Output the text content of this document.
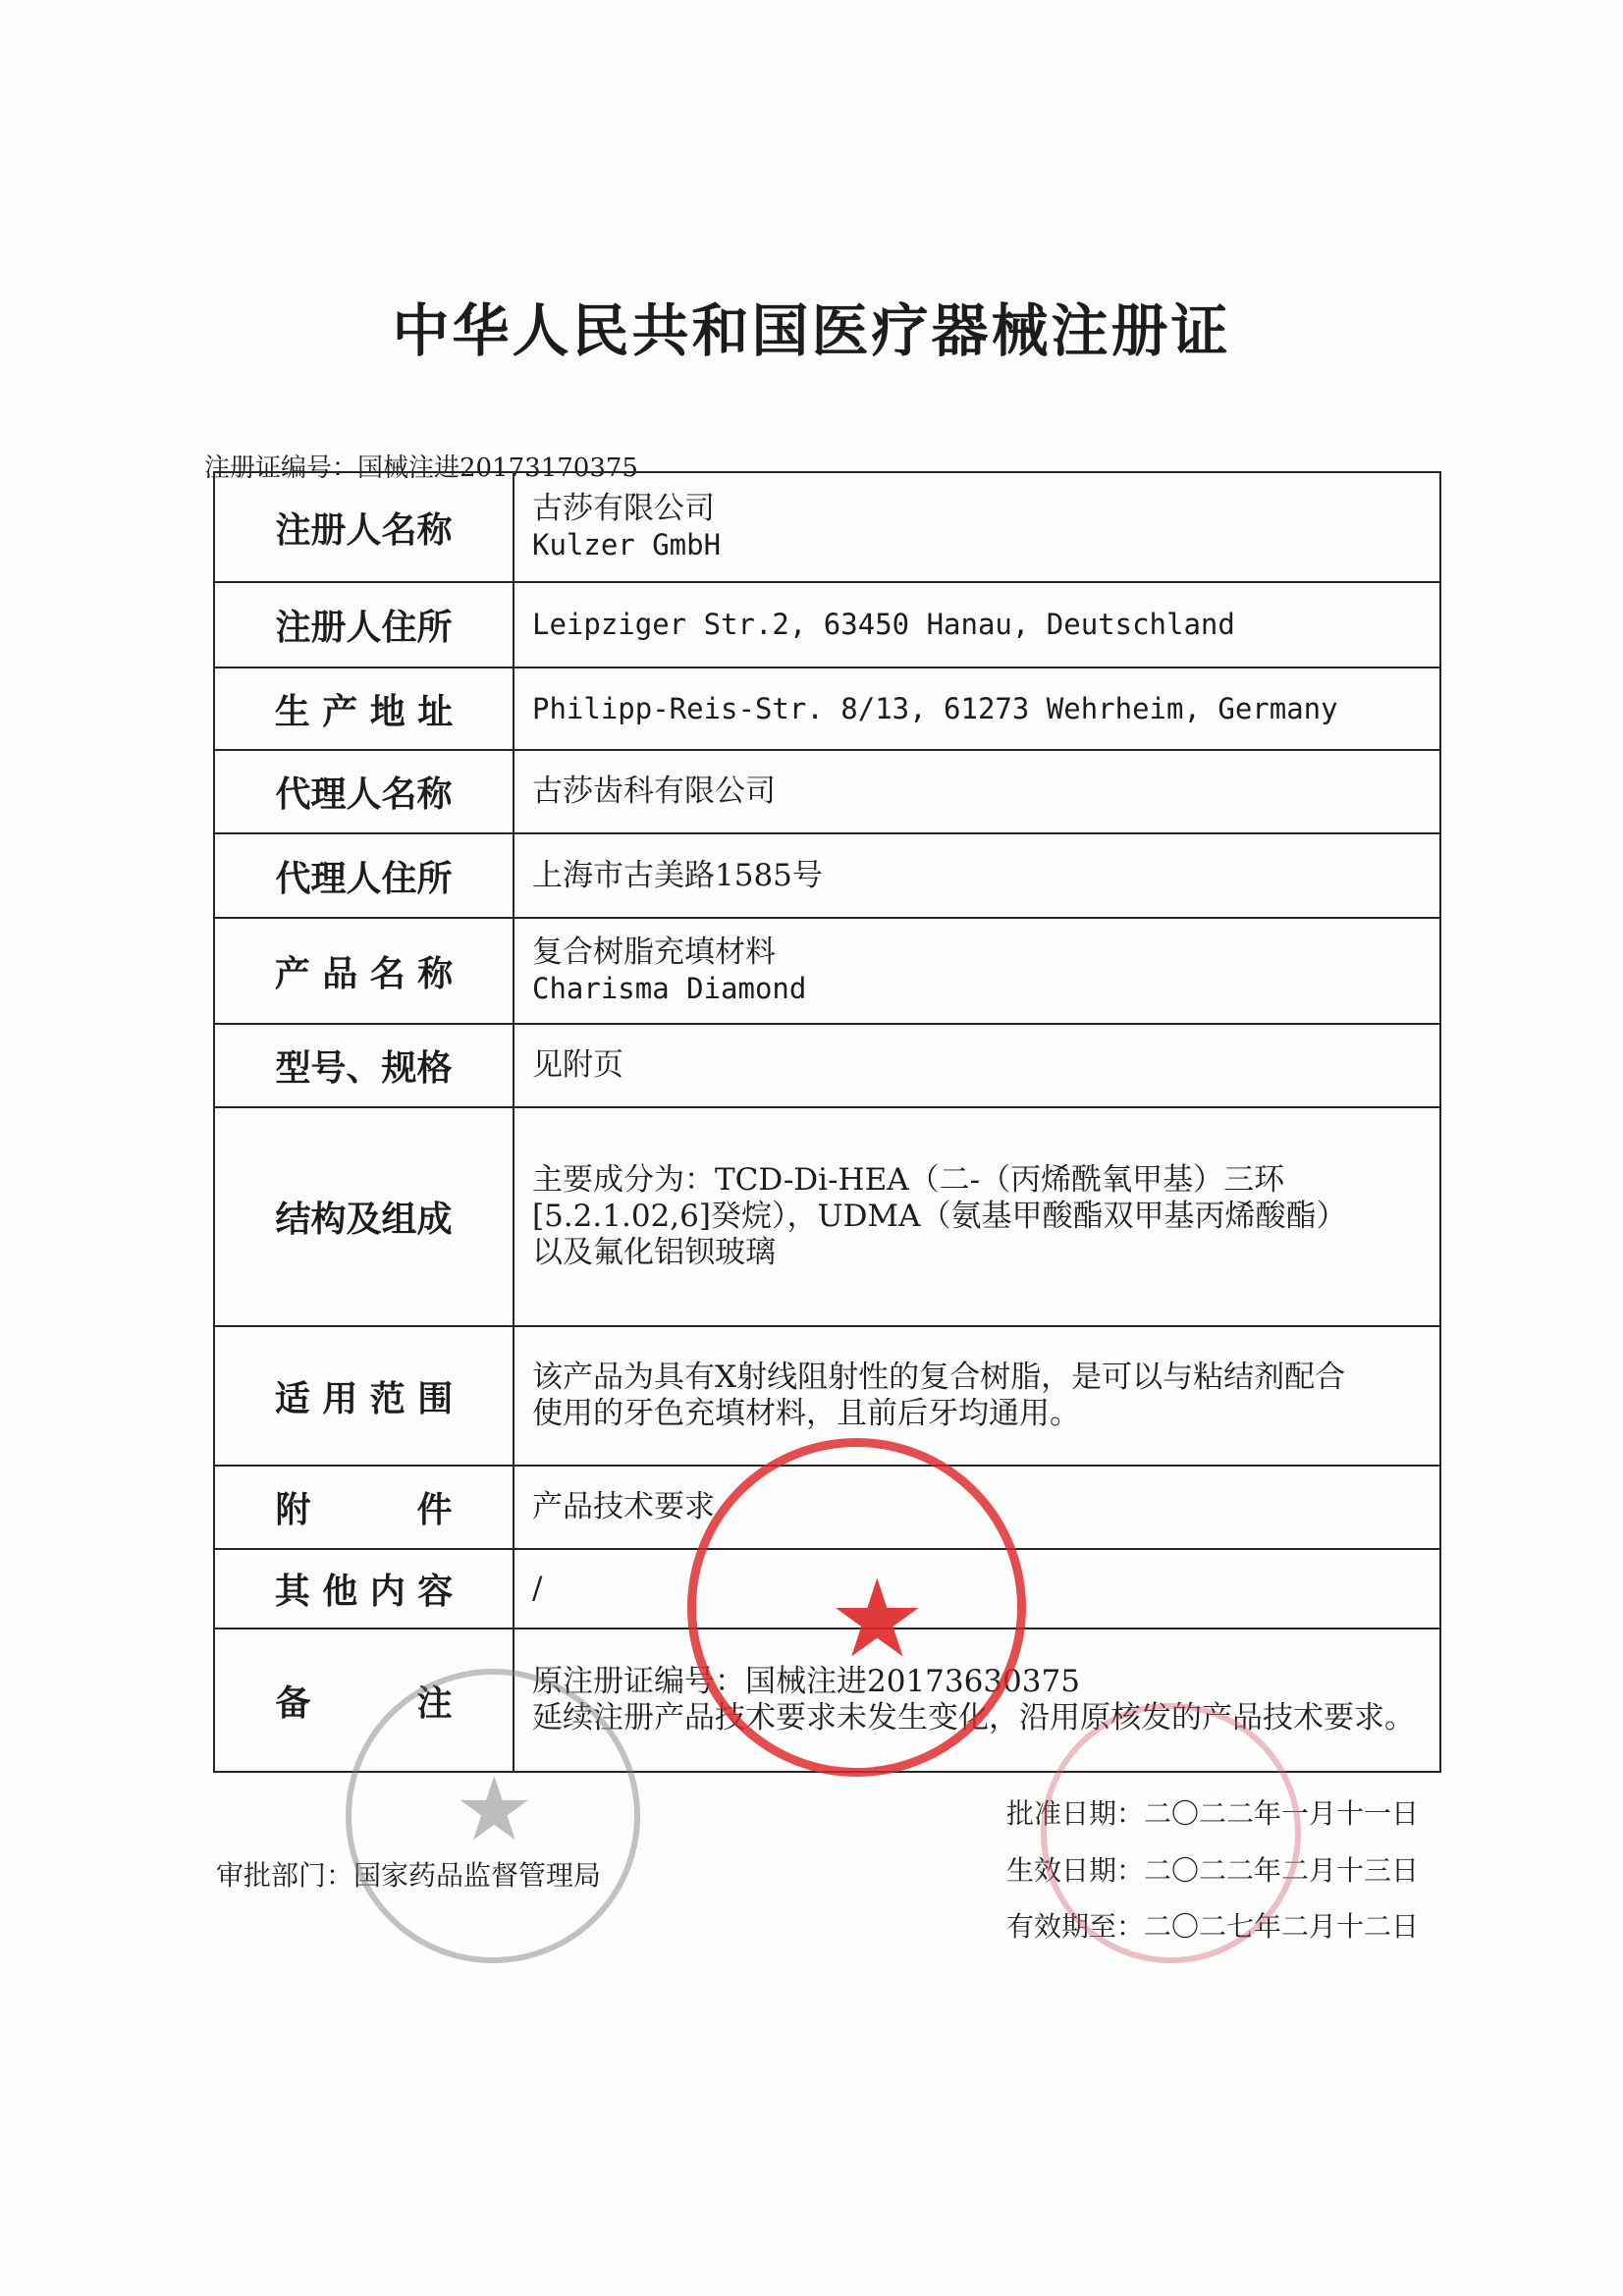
中华人民共和国医疗器械注册证
注册证编号：国械注进20173170375
注册人名称	古莎有限公司
Kulzer GmbH

注册人住所	Leipziger Str.2, 63450 Hanau, Deutschland

生 产 地 址	Philipp-Reis-Str. 8/13, 61273 Wehrheim, Germany

代理人名称	古莎齿科有限公司

代理人住所	上海市古美路1585号

产 品 名 称	复合树脂充填材料
Charisma Diamond

型号、规格	见附页

结构及组成	主要成分为：TCD-Di-HEA（二-（丙烯酰氧甲基）三环
[5.2.1.02,6]癸烷），UDMA（氨基甲酸酯双甲基丙烯酸酯）
以及氟化铝钡玻璃

适 用 范 围	该产品为具有X射线阻射性的复合树脂，是可以与粘结剂配合
使用的牙色充填材料，且前后牙均通用。

附　　　件	产品技术要求

其 他 内 容	/

备　　　注	原注册证编号：国械注进20173630375
延续注册产品技术要求未发生变化，沿用原核发的产品技术要求。
批准日期：二〇二二年一月十一日
审批部门：国家药品监督管理局	生效日期：二〇二二年二月十三日
有效期至：二〇二七年二月十二日
★
★
